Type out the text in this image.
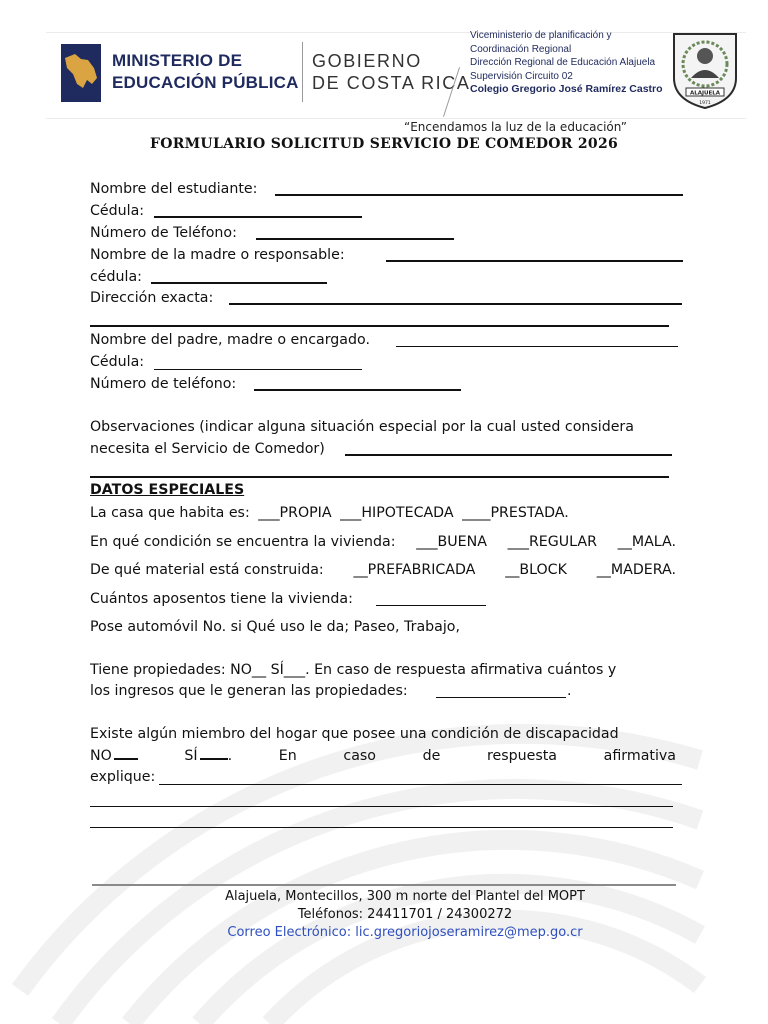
MINISTERIO DE
EDUCACIÓN PÚBLICA
GOBIERNO
DE COSTA RICA
Viceministerio de planificación y
Coordinación Regional
Dirección Regional de Educación Alajuela
Supervisión Circuito 02
Colegio Gregorio José Ramírez Castro	ALAJUELA
1971
“Encendamos la luz de la educación”
FORMULARIO SOLICITUD SERVICIO DE COMEDOR 2026
Nombre del estudiante:
Cédula:
Número de Teléfono:
Nombre de la madre o responsable:
cédula:
Dirección exacta:
Nombre del padre, madre o encargado.
Cédula:
Número de teléfono:
Observaciones (indicar alguna situación especial por la cual usted considera
necesita el Servicio de Comedor)
DATOS ESPECIALES
La casa que habita es: ___PROPIA ___HIPOTECADA ____PRESTADA.
En qué condición se encuentra la vivienda: ___BUENA ___REGULAR __MALA.
De qué material está construida: __PREFABRICADA __BLOCK __MADERA.
Cuántos aposentos tiene la vivienda:
Pose automóvil No. si Qué uso le da; Paseo, Trabajo,
Tiene propiedades: NO__ SÍ___. En caso de respuesta afirmativa cuántos y
los ingresos que le generan las propiedades:	.
Existe algún miembro del hogar que posee una condición de discapacidad
NO	SÍ .	En	caso	de	respuesta	afirmativa
explique:
Alajuela, Montecillos, 300 m norte del Plantel del MOPT
Teléfonos: 24411701 / 24300272
Correo Electrónico: lic.gregoriojoseramirez@mep.go.cr
